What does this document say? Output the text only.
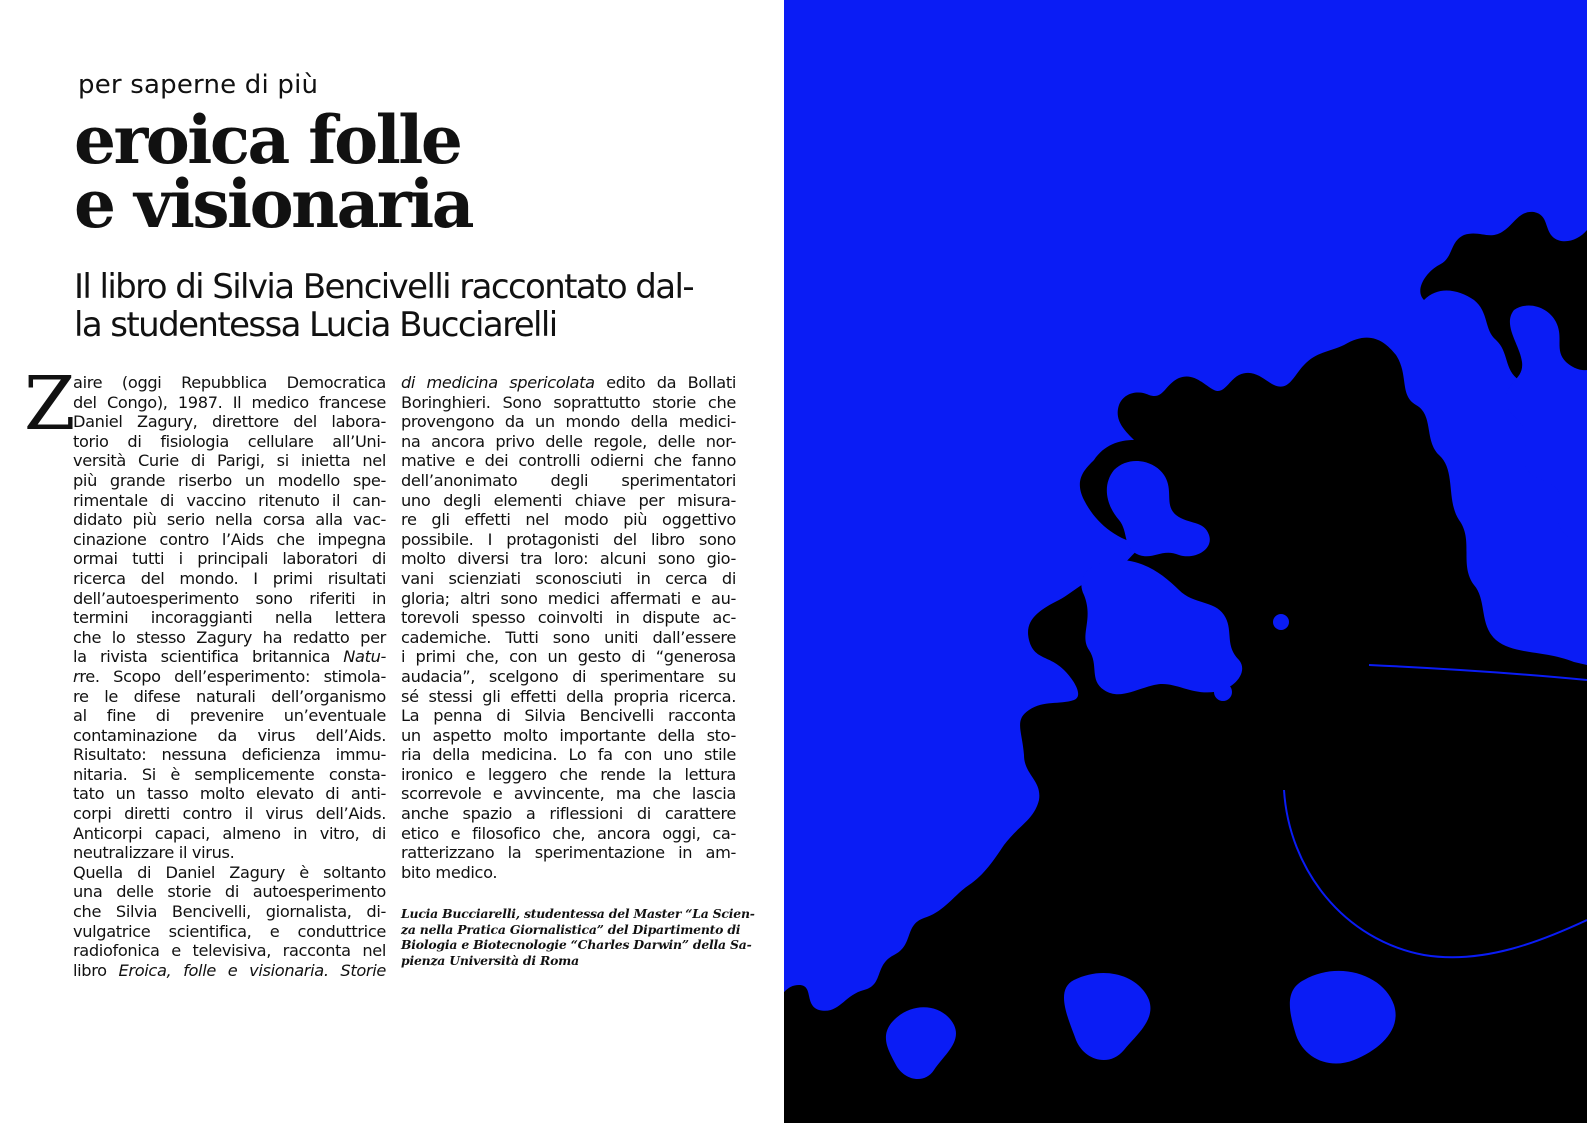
per saperne di più
eroica folle
e visionaria
Il libro di Silvia Bencivelli raccontato dal-
la studentessa Lucia Bucciarelli
Z
aire (oggi Repubblica Democratica
del Congo), 1987. Il medico francese
Daniel Zagury, direttore del labora-
torio di fisiologia cellulare all’Uni-
versità Curie di Parigi, si inietta nel
più grande riserbo un modello spe-
rimentale di vaccino ritenuto il can-
didato più serio nella corsa alla vac-
cinazione contro l’Aids che impegna
ormai tutti i principali laboratori di
ricerca del mondo. I primi risultati
dell’autoesperimento sono riferiti in
termini incoraggianti nella lettera
che lo stesso Zagury ha redatto per
la rivista scientifica britannica Natu-
rre. Scopo dell’esperimento: stimola-
re le difese naturali dell’organismo
al fine di prevenire un’eventuale
contaminazione da virus dell’Aids.
Risultato: nessuna deficienza immu-
nitaria. Si è semplicemente consta-
tato un tasso molto elevato di anti-
corpi diretti contro il virus dell’Aids.
Anticorpi capaci, almeno in vitro, di
neutralizzare il virus.
Quella di Daniel Zagury è soltanto
una delle storie di autoesperimento
che Silvia Bencivelli, giornalista, di-
vulgatrice scientifica, e conduttrice
radiofonica e televisiva, racconta nel
libro Eroica, folle e visionaria. Storie
di medicina spericolata edito da Bollati
Boringhieri. Sono soprattutto storie che
provengono da un mondo della medici-
na ancora privo delle regole, delle nor-
mative e dei controlli odierni che fanno
dell’anonimato degli sperimentatori
uno degli elementi chiave per misura-
re gli effetti nel modo più oggettivo
possibile. I protagonisti del libro sono
molto diversi tra loro: alcuni sono gio-
vani scienziati sconosciuti in cerca di
gloria; altri sono medici affermati e au-
torevoli spesso coinvolti in dispute ac-
cademiche. Tutti sono uniti dall’essere
i primi che, con un gesto di “generosa
audacia”, scelgono di sperimentare su
sé stessi gli effetti della propria ricerca.
La penna di Silvia Bencivelli racconta
un aspetto molto importante della sto-
ria della medicina. Lo fa con uno stile
ironico e leggero che rende la lettura
scorrevole e avvincente, ma che lascia
anche spazio a riflessioni di carattere
etico e filosofico che, ancora oggi, ca-
ratterizzano la sperimentazione in am-
bito medico.
Lucia Bucciarelli, studentessa del Master “La Scien-
za nella Pratica Giornalistica” del Dipartimento di
Biologia e Biotecnologie “Charles Darwin” della Sa-
pienza Università di Roma
